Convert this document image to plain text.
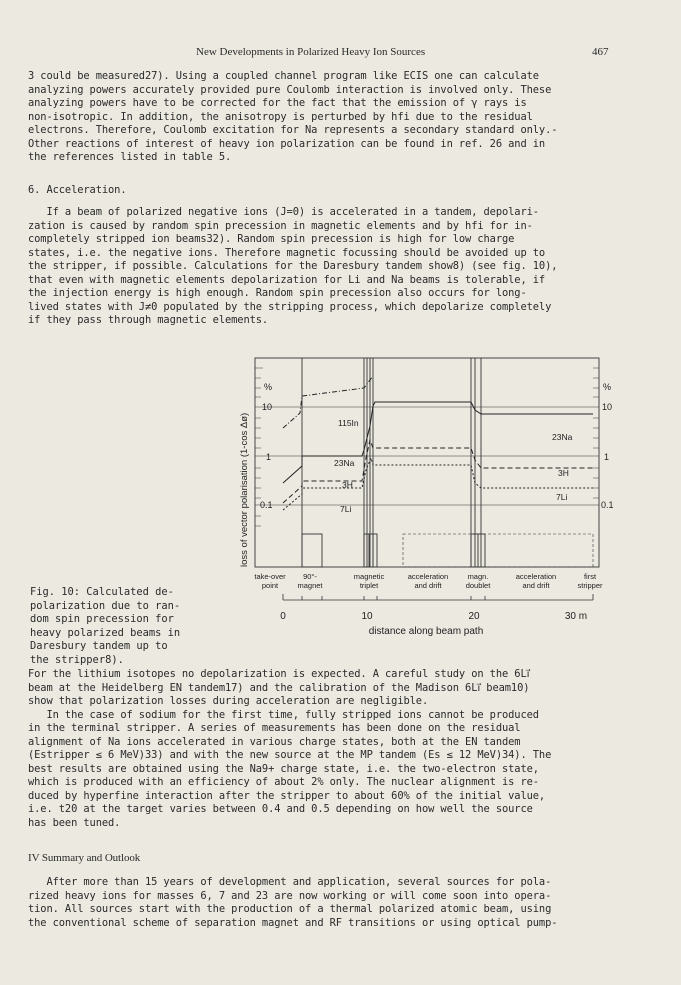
New Developments in Polarized Heavy Ion Sources	467
3 could be measured27). Using a coupled channel program like ECIS one can calculate
analyzing powers accurately provided pure Coulomb interaction is involved only. These
analyzing powers have to be corrected for the fact that the emission of γ rays is
non-isotropic. In addition, the anisotropy is perturbed by hfi due to the residual
electrons. Therefore, Coulomb excitation for Na represents a secondary standard only.-
Other reactions of interest of heavy ion polarization can be found in ref. 26 and in
the references listed in table 5.
6. Acceleration.
If a beam of polarized negative ions (J=0) is accelerated in a tandem, depolari-
zation is caused by random spin precession in magnetic elements and by hfi for in-
completely stripped ion beams32). Random spin precession is high for low charge
states, i.e. the negative ions. Therefore magnetic focussing should be avoided up to
the stripper, if possible. Calculations for the Daresbury tandem show8) (see fig. 10),
that even with magnetic elements depolarization for Li and Na beams is tolerable, if
the injection energy is high enough. Random spin precession also occurs for long-
lived states with J≠0 populated by the stripping process, which depolarize completely
if they pass through magnetic elements.
loss of vector polarisation (1-cos Δø)
%
10
1
0.1
%
10
1
0.1
115In
23Na
23Na
3H
3H
7Li
7Li
take-over
point
90°-
magnet
magnetic
triplet
acceleration
and drift
magn.
doublet
acceleration
and drift
first
stripper
0	10	20	30 m
distance along beam path
Fig. 10: Calculated de-
polarization due to ran-
dom spin precession for
heavy polarized beams in
Daresbury tandem up to
the stripper8).
For the lithium isotopes no depolarization is expected. A careful study on the 6Li⃗
beam at the Heidelberg EN tandem17) and the calibration of the Madison 6Li⃗ beam10)
show that polarization losses during acceleration are negligible.
In the case of sodium for the first time, fully stripped ions cannot be produced
in the terminal stripper. A series of measurements has been done on the residual
alignment of Na ions accelerated in various charge states, both at the EN tandem
(Estripper ≤ 6 MeV)33) and with the new source at the MP tandem (Es ≤ 12 MeV)34). The
best results are obtained using the Na9+ charge state, i.e. the two-electron state,
which is produced with an efficiency of about 2% only. The nuclear alignment is re-
duced by hyperfine interaction after the stripper to about 60% of the initial value,
i.e. t20 at the target varies between 0.4 and 0.5 depending on how well the source
has been tuned.
IV Summary and Outlook
After more than 15 years of development and application, several sources for pola-
rized heavy ions for masses 6, 7 and 23 are now working or will come soon into opera-
tion. All sources start with the production of a thermal polarized atomic beam, using
the conventional scheme of separation magnet and RF transitions or using optical pump-
